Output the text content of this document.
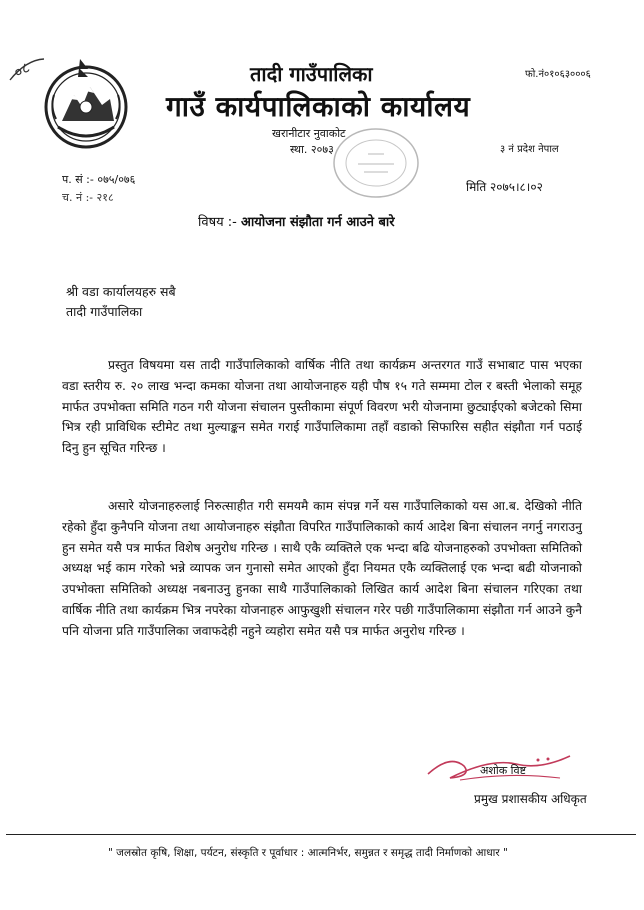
०८	तादी गाउँपालिका
गाउँ कार्यपालिकाको कार्यालय
खरानीटार नुवाकोट
स्था. २०७३
फो.नं०१०६३०००६
३ नं प्रदेश नेपाल
प. सं :- ०७५/०७६
च. नं :- २१८
मिति २०७५।८।०२
विषय :- आयोजना संझौता गर्न आउने बारे
श्री वडा कार्यालयहरु सबै
तादी गाउँपालिका
प्रस्तुत विषयमा यस तादी गाउँपालिकाको वार्षिक नीति तथा कार्यक्रम अन्तरगत गाउँ सभाबाट पास भएका वडा स्तरीय रु. २० लाख भन्दा कमका योजना तथा आयोजनाहरु यही पौष १५ गते सम्ममा टोल र बस्ती भेलाको समूह मार्फत उपभोक्ता समिति गठन गरी योजना संचालन पुस्तीकामा संपूर्ण विवरण भरी योजनामा छुट्याईएको बजेटको सिमा भित्र रही प्राविधिक स्टीमेट तथा मुल्याङ्कन समेत गराई गाउँपालिकामा तहाँ वडाको सिफारिस सहीत संझौता गर्न पठाई दिनु हुन सूचित गरिन्छ ।
असारे योजनाहरुलाई निरुत्साहीत गरी समयमै काम संपन्न गर्ने यस गाउँपालिकाको यस आ.ब. देखिको नीति रहेको हुँदा कुनैपनि योजना तथा आयोजनाहरु संझौता विपरित गाउँपालिकाको कार्य आदेश बिना संचालन नगर्नु नगराउनु हुन समेत यसै पत्र मार्फत विशेष अनुरोध गरिन्छ । साथै एकै व्यक्तिले एक भन्दा बढि योजनाहरुको उपभोक्ता समितिको अध्यक्ष भई काम गरेको भन्ने व्यापक जन गुनासो समेत आएको हुँदा नियमत एकै व्यक्तिलाई एक भन्दा बढी योजनाको उपभोक्ता समितिको अध्यक्ष नबनाउनु हुनका साथै गाउँपालिकाको लिखित कार्य आदेश बिना संचालन गरिएका तथा वार्षिक नीति तथा कार्यक्रम भित्र नपरेका योजनाहरु आफुखुशी संचालन गरेर पछी गाउँपालिकामा संझौता गर्न आउने कुनै पनि योजना प्रति गाउँपालिका जवाफदेही नहुने व्यहोरा समेत यसै पत्र मार्फत अनुरोध गरिन्छ ।
अशोक विष्ट
प्रमुख प्रशासकीय अधिकृत
" जलस्रोत कृषि, शिक्षा, पर्यटन, संस्कृति र पूर्वाधार : आत्मनिर्भर, समुन्नत र समृद्ध तादी निर्माणको आधार "
